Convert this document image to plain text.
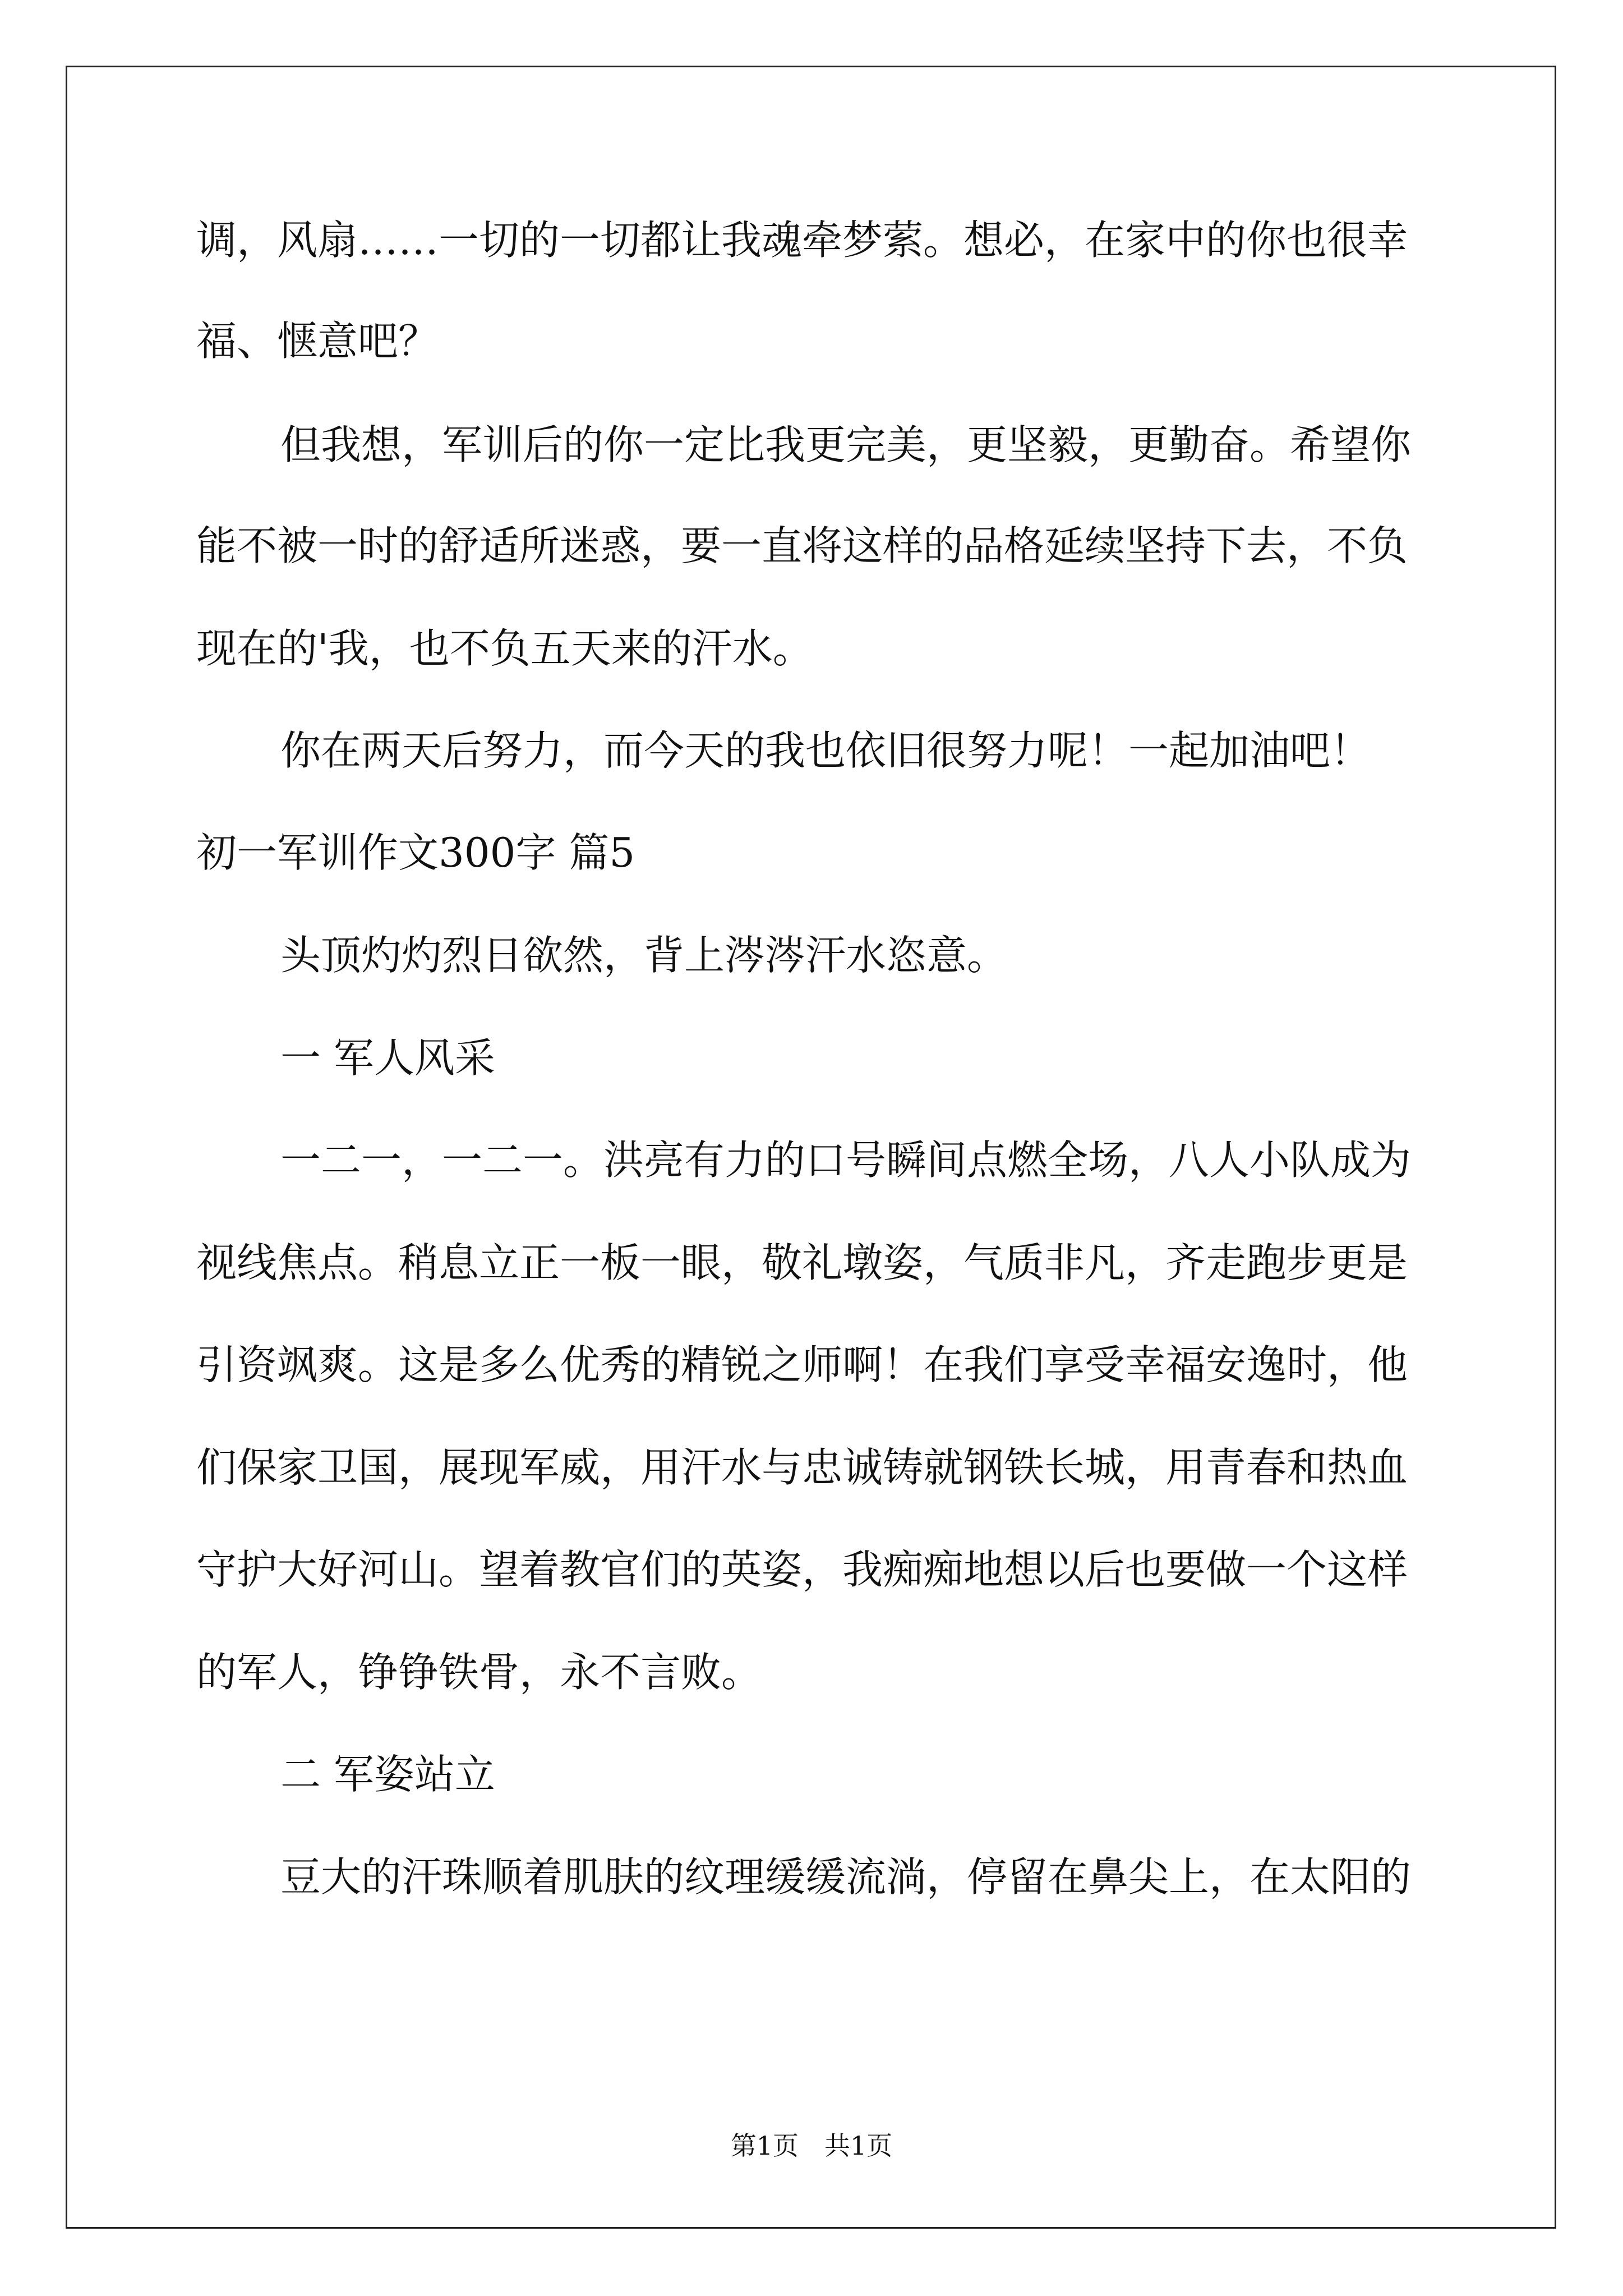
调，风扇……一切的一切都让我魂牵梦萦。想必，在家中的你也很幸

福、惬意吧？

但我想，军训后的你一定比我更完美，更坚毅，更勤奋。希望你

能不被一时的舒适所迷惑，要一直将这样的品格延续坚持下去，不负

现在的'我，也不负五天来的汗水。

你在两天后努力，而今天的我也依旧很努力呢！一起加油吧！

初一军训作文300字 篇5

头顶灼灼烈日欲然，背上涔涔汗水恣意。

一 军人风采

一二一，一二一。洪亮有力的口号瞬间点燃全场，八人小队成为

视线焦点。稍息立正一板一眼，敬礼墩姿，气质非凡，齐走跑步更是

引资飒爽。这是多么优秀的精锐之师啊！在我们享受幸福安逸时，他

们保家卫国，展现军威，用汗水与忠诚铸就钢铁长城，用青春和热血

守护大好河山。望着教官们的英姿，我痴痴地想以后也要做一个这样

的军人，铮铮铁骨，永不言败。

二 军姿站立

豆大的汗珠顺着肌肤的纹理缓缓流淌，停留在鼻尖上，在太阳的

第1页　共1页
